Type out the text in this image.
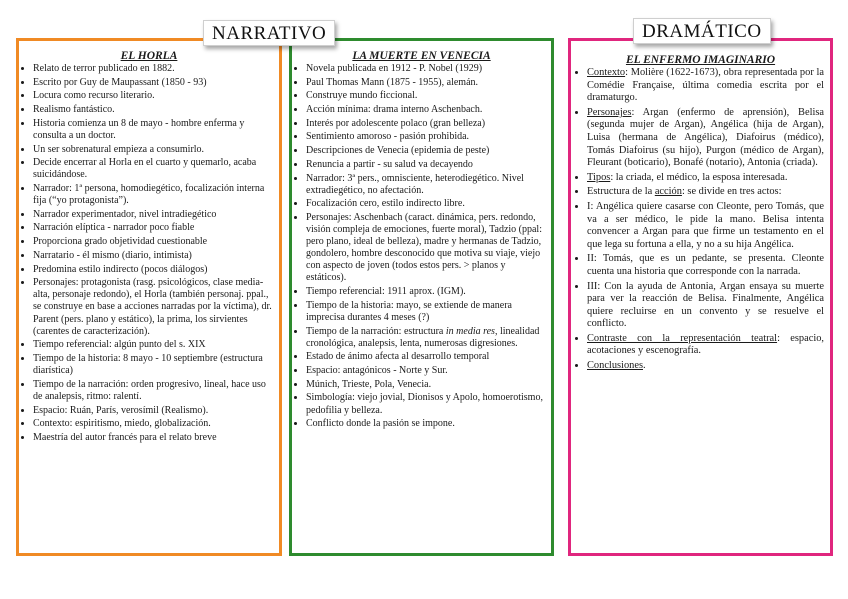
NARRATIVO	DRAMÁTICO
EL HORLA
• Relato de terror publicado en 1882.
• Escrito por Guy de Maupassant (1850 - 93)
• Locura como recurso literario.
• Realismo fantástico.
• Historia comienza un 8 de mayo - hombre enferma y consulta a un doctor.
• Un ser sobrenatural empieza a consumirlo.
• Decide encerrar al Horla en el cuarto y quemarlo, acaba suicidándose.
• Narrador: 1ª persona, homodiegético, focalización interna fija (“yo protagonista”).
• Narrador experimentador, nivel intradiegético
• Narración elíptica - narrador poco fiable
• Proporciona grado objetividad cuestionable
• Narratario - él mismo (diario, intimista)
• Predomina estilo indirecto (pocos diálogos)
• Personajes: protagonista (rasg. psicológicos, clase media-alta, personaje redondo), el Horla (también personaj. ppal., se construye en base a acciones narradas por la víctima), dr. Parent (pers. plano y estático), la prima, los sirvientes (carentes de caracterización).
• Tiempo referencial: algún punto del s. XIX
• Tiempo de la historia: 8 mayo - 10 septiembre (estructura diarística)
• Tiempo de la narración: orden progresivo, lineal, hace uso de analepsis, ritmo: ralentí.
• Espacio: Ruán, París, verosímil (Realismo).
• Contexto: espiritismo, miedo, globalización.
• Maestría del autor francés para el relato breve
LA MUERTE EN VENECIA
• Novela publicada en 1912 - P. Nobel (1929)
• Paul Thomas Mann (1875 - 1955), alemán.
• Construye mundo ficcional.
• Acción mínima: drama interno Aschenbach.
• Interés por adolescente polaco (gran belleza)
• Sentimiento amoroso - pasión prohibida.
• Descripciones de Venecia (epidemia de peste)
• Renuncia a partir - su salud va decayendo
• Narrador: 3ª pers., omnisciente, heterodiegético. Nivel extradiegético, no afectación.
• Focalización cero, estilo indirecto libre.
• Personajes: Aschenbach (caract. dinámica, pers. redondo, visión compleja de emociones, fuerte moral), Tadzio (ppal: pero plano, ideal de belleza), madre y hermanas de Tadzio, gondolero, hombre desconocido que motiva su viaje, viejo con aspecto de joven (todos estos pers. > planos y estáticos).
• Tiempo referencial: 1911 aprox. (IGM).
• Tiempo de la historia: mayo, se extiende de manera imprecisa durantes 4 meses (?)
• Tiempo de la narración: estructura in media res, linealidad cronológica, analepsis, lenta, numerosas digresiones.
• Estado de ánimo afecta al desarrollo temporal
• Espacio: antagónicos - Norte y Sur.
• Múnich, Trieste, Pola, Venecia.
• Simbología: viejo jovial, Dionisos y Apolo, homoerotismo, pedofilia y belleza.
• Conflicto donde la pasión se impone.
EL ENFERMO IMAGINARIO
• Contexto: Molière (1622-1673), obra representada por la Comédie Française, última comedia escrita por el dramaturgo.
• Personajes: Argan (enfermo de aprensión), Belisa (segunda mujer de Argan), Angélica (hija de Argan), Luisa (hermana de Angélica), Diafoirus (médico), Tomás Diafoirus (su hijo), Purgon (médico de Argan), Fleurant (boticario), Bonafé (notario), Antonia (criada).
• Tipos: la criada, el médico, la esposa interesada.
• Estructura de la acción: se divide en tres actos:
• I: Angélica quiere casarse con Cleonte, pero Tomás, que va a ser médico, le pide la mano. Belisa intenta convencer a Argan para que firme un testamento en el que lega su fortuna a ella, y no a su hija Angélica.
• II: Tomás, que es un pedante, se presenta. Cleonte cuenta una historia que corresponde con la narrada.
• III: Con la ayuda de Antonia, Argan ensaya su muerte para ver la reacción de Belisa. Finalmente, Angélica quiere recluirse en un convento y se resuelve el conflicto.
• Contraste con la representación teatral: espacio, acotaciones y escenografía.
• Conclusiones.
